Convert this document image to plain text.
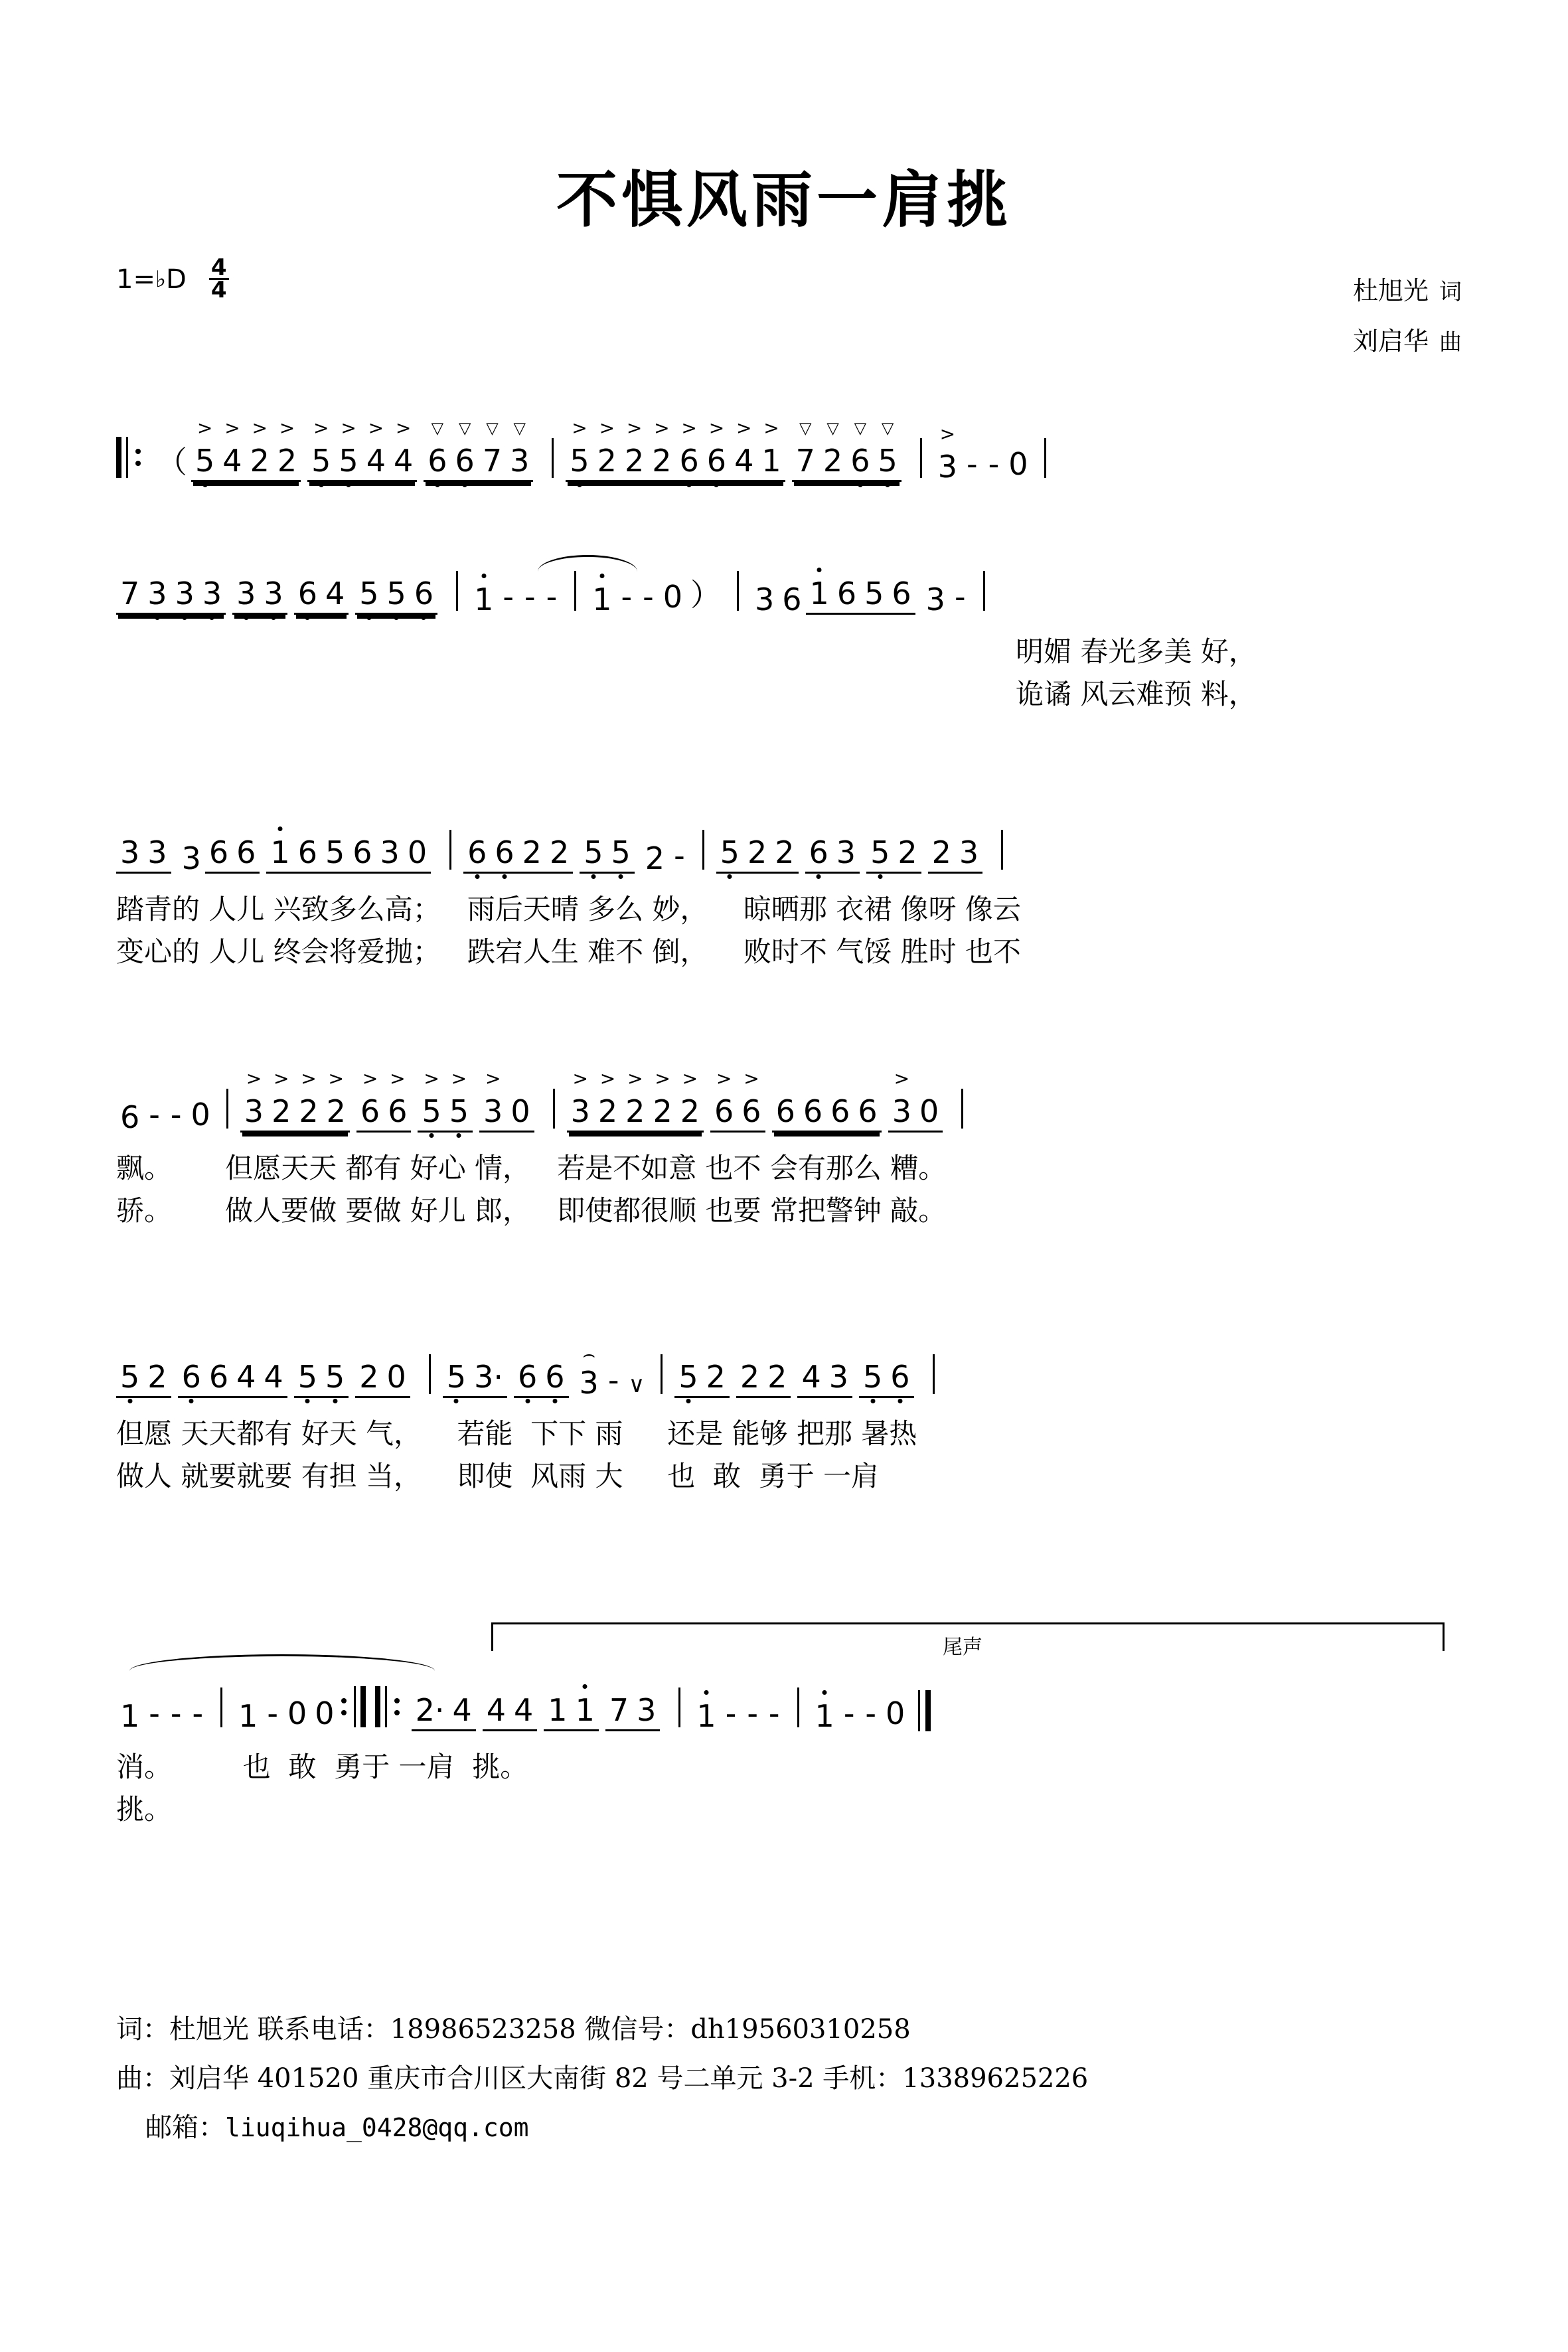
不惧风雨一肩挑
1= ♭ D $\frac{4}{4}$	杜旭光 词
刘启华 曲
（ > 5 > 4 > 2 > 2 > 5 > 5 > 4 > 4 ▽ 6 ▽ 6 ▽ 7 ▽ 3 > 5 > 2 > 2 > 2 > 6 > 6 > 4 > 1 ▽ 7 ▽ 2 ▽ 6 ▽ 5 > 3 - - 0
7 3 3 3 3 3 6 4 5 5 6 1 - - - 1 - - 0 ） 3 6 1 6 5 6 3 -
明媚 春光多美 好，
诡谲 风云难预 料，
3 3 3 6 6 1 6 5 6 3 0 6 6 2 2 5 5 2 - 5 2 2 6 3 5 2 2 3
踏青的 人儿 兴致多么高；   雨后天晴 多么 妙，    晾晒那 衣裙 像呀 像云
变心的 人儿 终会将爱抛；   跌宕人生 难不 倒，    败时不 气馁 胜时 也不
6 - - 0 > 3 > 2 > 2 > 2 > 6 > 6 > 5 > 5 > 3 0 > 3 > 2 > 2 > 2 > 2 > 6 > 6 6 6 6 6 > 3 0
飘。      但愿天天 都有 好心 情，   若是不如意 也不 会有那么 糟。
骄。      做人要做 要做 好儿 郎，   即使都很顺 也要 常把警钟 敲。
5 2 6 6 4 4 5 5 2 0 5 3· 6 6 ⌢ 3 - ∨ 5 2 2 2 4 3 5 6
但愿 天天都有 好天 气，    若能  下下 雨     还是 能够 把那 暑热
做人 就要就要 有担 当，    即使  风雨 大     也  敢  勇于 一肩
尾声
1 - - - 1 - 0 0	2· 4 4 4 1 1 7 3 1 - - - 1 - - 0
消。        也  敢  勇于 一肩  挑。
挑。
词：杜旭光 联系电话：18986523258 微信号：dh19560310258
曲：刘启华 401520 重庆市合川区大南街 82 号二单元 3-2 手机：13389625226
邮箱：liuqihua_0428@qq.com
